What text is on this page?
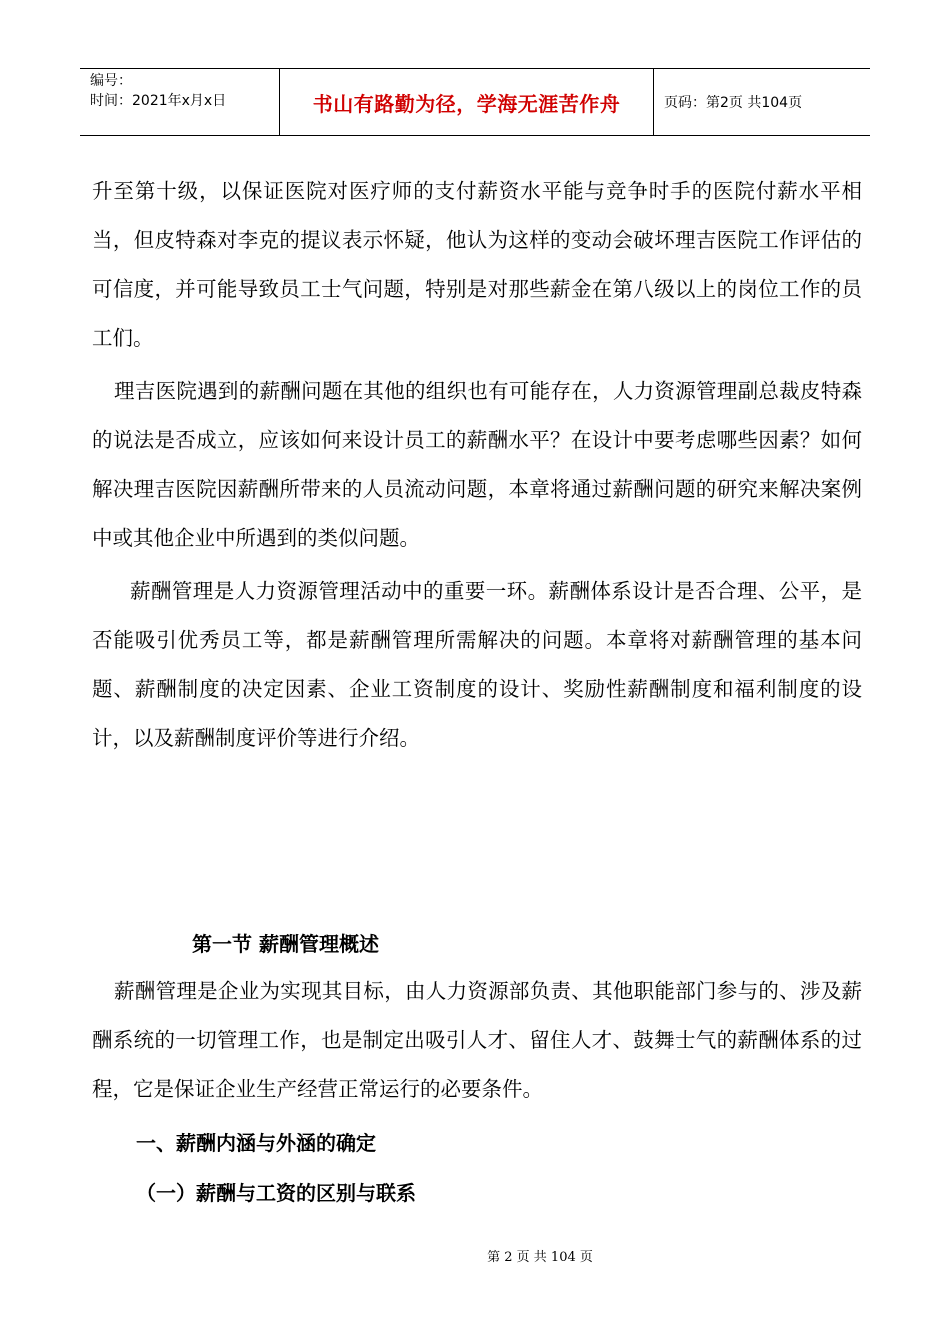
编号：
时间：2021年x月x日	书山有路勤为径，学海无涯苦作舟	页码：第2页 共104页

升至第十级，以保证医院对医疗师的支付薪资水平能与竞争时手的医院付薪水平相当，但皮特森对李克的提议表示怀疑，他认为这样的变动会破坏理吉医院工作评估的可信度，并可能导致员工士气问题，特别是对那些薪金在第八级以上的岗位工作的员工们。

理吉医院遇到的薪酬问题在其他的组织也有可能存在，人力资源管理副总裁皮特森的说法是否成立，应该如何来设计员工的薪酬水平？在设计中要考虑哪些因素？如何解决理吉医院因薪酬所带来的人员流动问题，本章将通过薪酬问题的研究来解决案例中或其他企业中所遇到的类似问题。

薪酬管理是人力资源管理活动中的重要一环。薪酬体系设计是否合理、公平，是否能吸引优秀员工等，都是薪酬管理所需解决的问题。本章将对薪酬管理的基本问题、薪酬制度的决定因素、企业工资制度的设计、奖励性薪酬制度和福利制度的设计，以及薪酬制度评价等进行介绍。

第一节 薪酬管理概述

薪酬管理是企业为实现其目标，由人力资源部负责、其他职能部门参与的、涉及薪酬系统的一切管理工作，也是制定出吸引人才、留住人才、鼓舞士气的薪酬体系的过程，它是保证企业生产经营正常运行的必要条件。

一、薪酬内涵与外涵的确定
（一）薪酬与工资的区别与联系
第 2 页 共 104 页
